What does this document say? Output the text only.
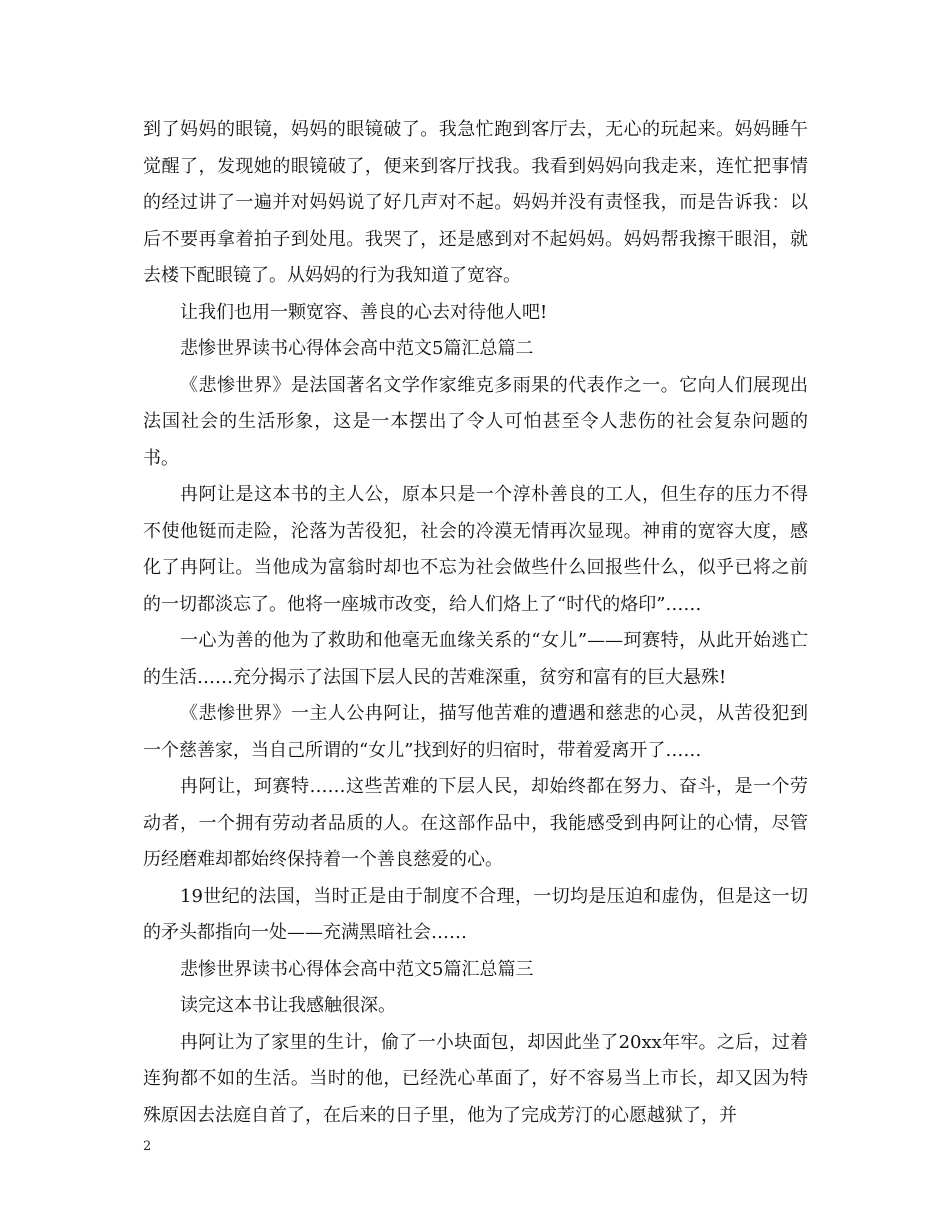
到了妈妈的眼镜，妈妈的眼镜破了。我急忙跑到客厅去，无心的玩起来。妈妈睡午觉醒了，发现她的眼镜破了，便来到客厅找我。我看到妈妈向我走来，连忙把事情的经过讲了一遍并对妈妈说了好几声对不起。妈妈并没有责怪我，而是告诉我：以后不要再拿着拍子到处甩。我哭了，还是感到对不起妈妈。妈妈帮我擦干眼泪，就去楼下配眼镜了。从妈妈的行为我知道了宽容。

让我们也用一颗宽容、善良的心去对待他人吧!

悲惨世界读书心得体会高中范文5篇汇总篇二

《悲惨世界》是法国著名文学作家维克多雨果的代表作之一。它向人们展现出法国社会的生活形象，这是一本摆出了令人可怕甚至令人悲伤的社会复杂问题的书。

冉阿让是这本书的主人公，原本只是一个淳朴善良的工人，但生存的压力不得不使他铤而走险，沦落为苦役犯，社会的冷漠无情再次显现。神甫的宽容大度，感化了冉阿让。当他成为富翁时却也不忘为社会做些什么回报些什么，似乎已将之前的一切都淡忘了。他将一座城市改变，给人们烙上了“时代的烙印”……

一心为善的他为了救助和他毫无血缘关系的“女儿”——珂赛特，从此开始逃亡的生活……充分揭示了法国下层人民的苦难深重，贫穷和富有的巨大悬殊!

《悲惨世界》一主人公冉阿让，描写他苦难的遭遇和慈悲的心灵，从苦役犯到一个慈善家，当自己所谓的“女儿”找到好的归宿时，带着爱离开了……

冉阿让，珂赛特……这些苦难的下层人民，却始终都在努力、奋斗，是一个劳动者，一个拥有劳动者品质的人。在这部作品中，我能感受到冉阿让的心情，尽管历经磨难却都始终保持着一个善良慈爱的心。

19世纪的法国，当时正是由于制度不合理，一切均是压迫和虚伪，但是这一切的矛头都指向一处——充满黑暗社会……

悲惨世界读书心得体会高中范文5篇汇总篇三

读完这本书让我感触很深。

冉阿让为了家里的生计，偷了一小块面包，却因此坐了20xx年牢。之后，过着连狗都不如的生活。当时的他，已经洗心革面了，好不容易当上市长，却又因为特殊原因去法庭自首了，在后来的日子里，他为了完成芳汀的心愿越狱了，并

2
